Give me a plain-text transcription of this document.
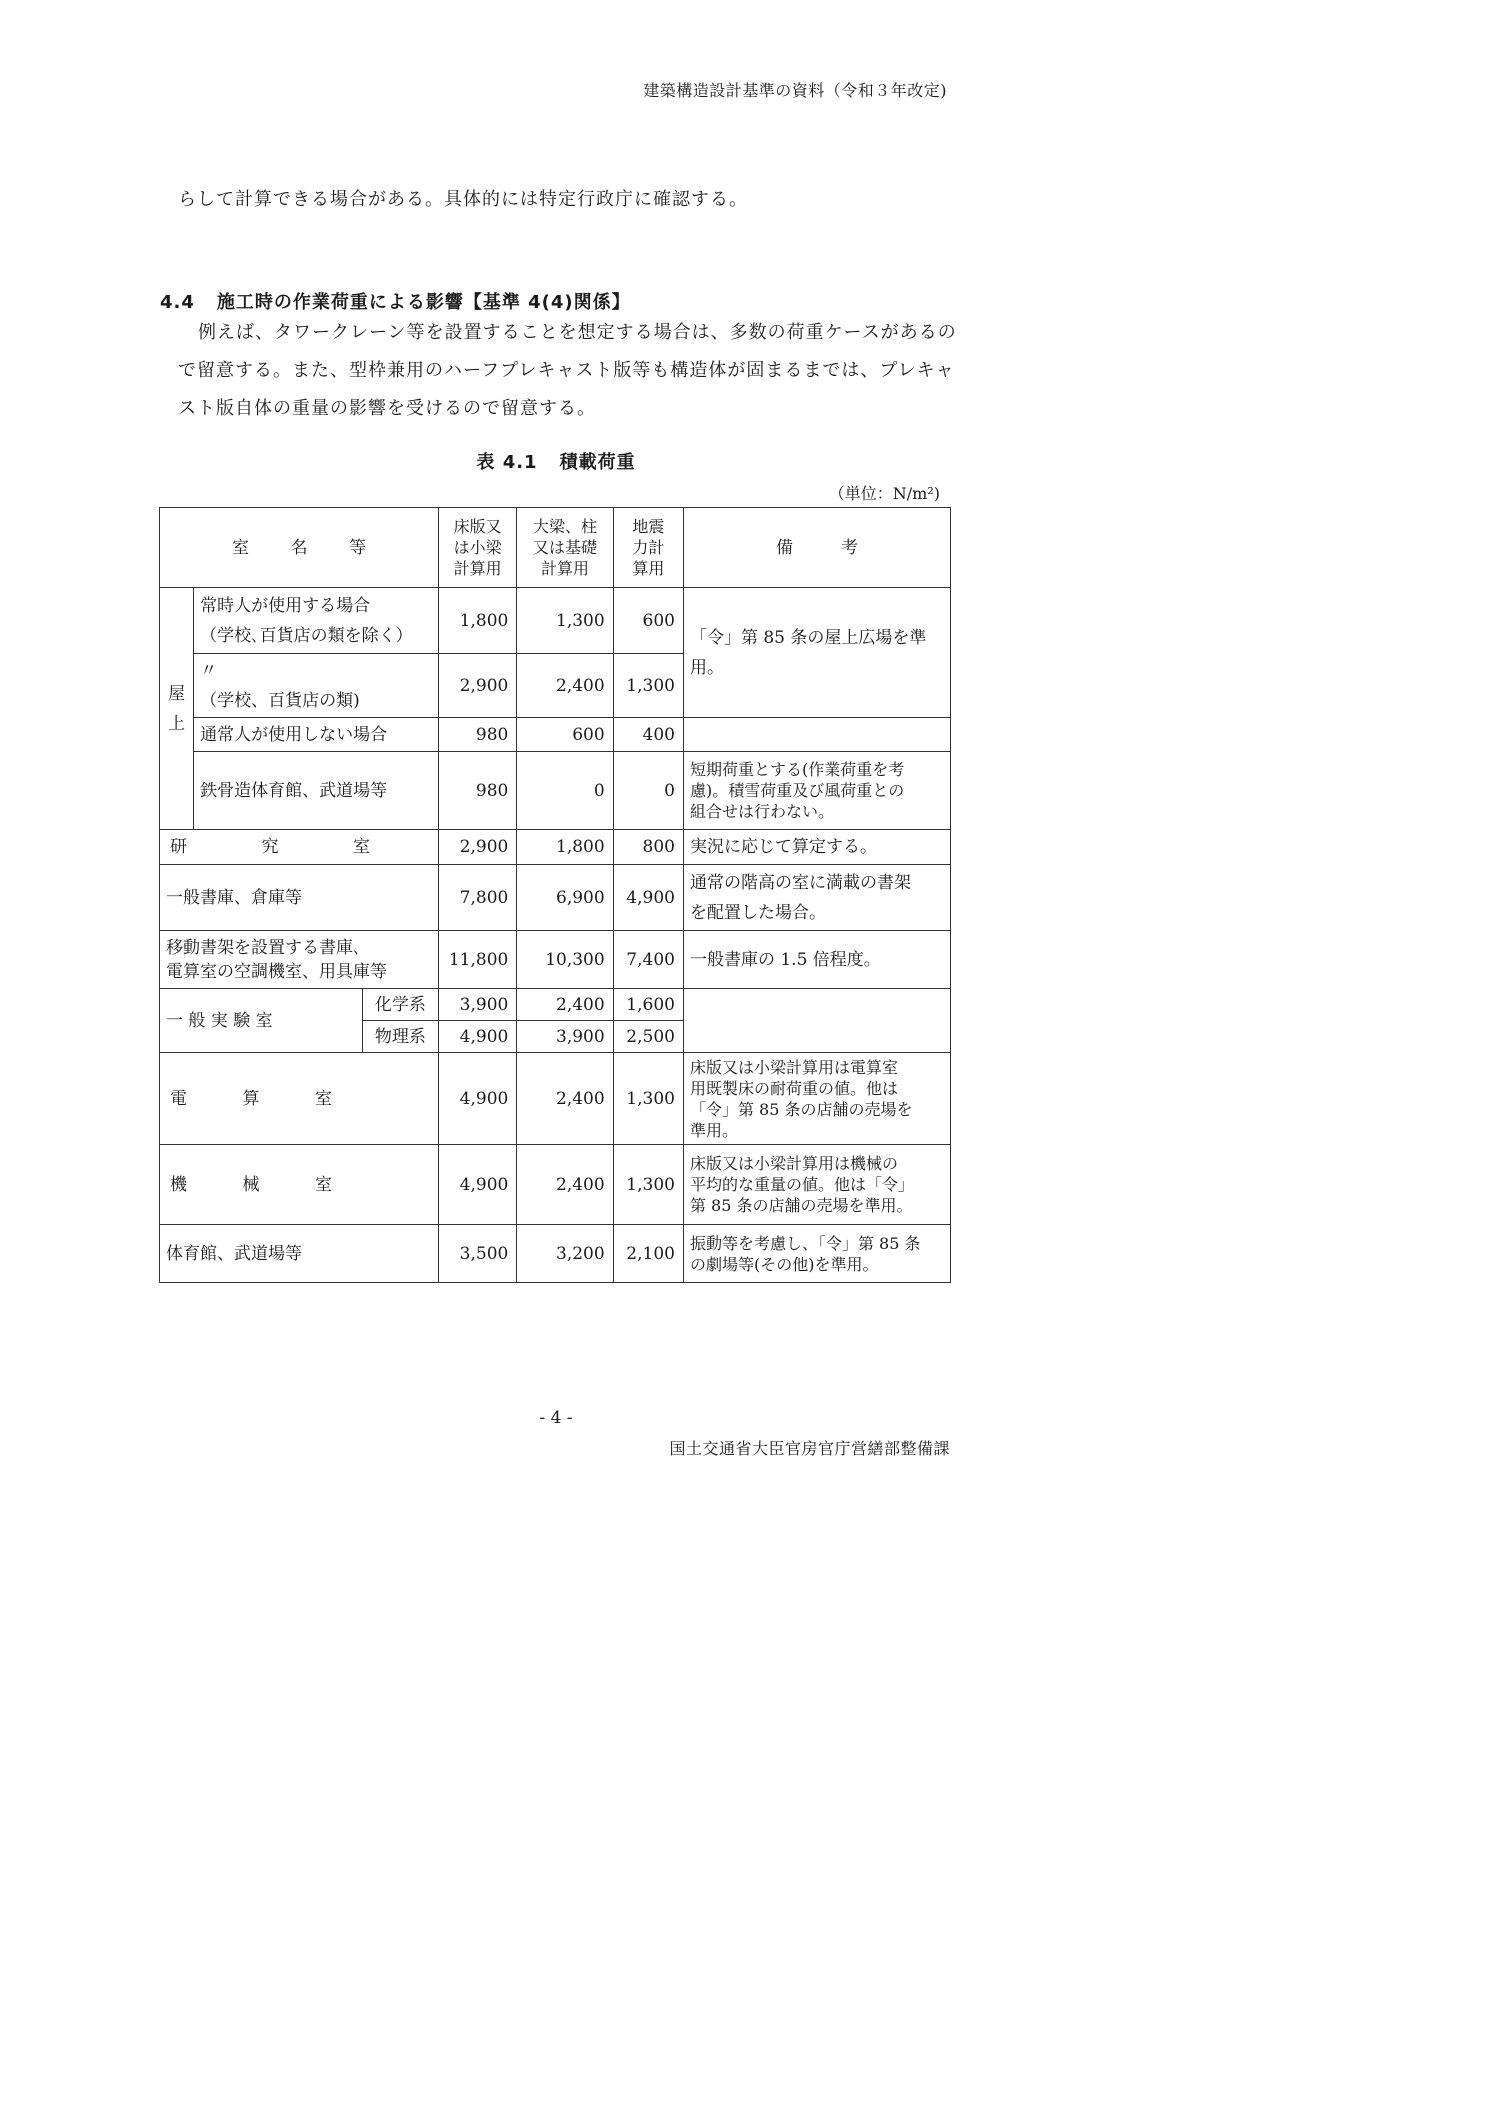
建築構造設計基準の資料（令和３年改定)
らして計算できる場合がある。具体的には特定行政庁に確認する。
4.4 施工時の作業荷重による影響【基準 4(4)関係】
例えば、タワークレーン等を設置することを想定する場合は、多数の荷重ケースがあるの
で留意する。また、型枠兼用のハーフプレキャスト版等も構造体が固まるまでは、プレキャ
スト版自体の重量の影響を受けるので留意する。
表 4.1 積載荷重
（単位：N/m²)
室 名 等			床版又
は小梁
計算用	大梁、柱
又は基礎
計算用	地震
力計
算用	備 考

屋
上	常時人が使用する場合
（学校､百貨店の類を除く）		1,800	1,300	600	「令」第 85 条の屋上広場を準
用。
	〃
（学校、百貨店の類)		2,900	2,400	1,300	
	通常人が使用しない場合		980	600	400	
	鉄骨造体育館、武道場等		980	0	0	短期荷重とする(作業荷重を考
慮)。積雪荷重及び風荷重との
組合せは行わない。

研 究 室			2,900	1,800	800	実況に応じて算定する。
一般書庫、倉庫等			7,800	6,900	4,900	通常の階高の室に満載の書架
を配置した場合。
移動書架を設置する書庫､
電算室の空調機室、用具庫等			11,800	10,300	7,400	一般書庫の 1.5 倍程度。
一 般 実 験 室		化学系	3,900	2,400	1,600	
		物理系	4,900	3,900	2,500	

電 算 室			4,900	2,400	1,300	床版又は小梁計算用は電算室
用既製床の耐荷重の値。他は
「令」第 85 条の店舗の売場を
準用。

機 械 室			4,900	2,400	1,300	床版又は小梁計算用は機械の
平均的な重量の値。他は「令」
第 85 条の店舗の売場を準用。
体育館、武道場等			3,500	3,200	2,100	振動等を考慮し、「令」第 85 条
の劇場等(その他)を準用。
- 4 -
国土交通省大臣官房官庁営繕部整備課
